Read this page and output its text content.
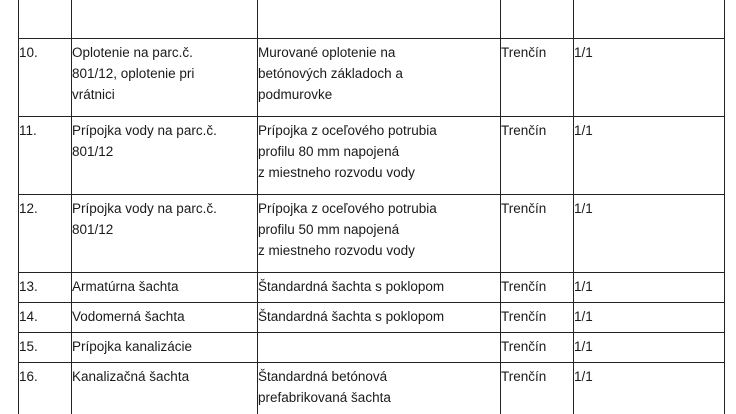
10.	Oplotenie na parc.č.
801/12, oplotenie pri
vrátnici	Murované oplotenie na
betónových základoch a
podmurovke	Trenčín	1/1

11.	Prípojka vody na parc.č.
801/12	Prípojka z oceľového potrubia
profilu 80 mm napojená
z miestneho rozvodu vody	Trenčín	1/1

12.	Prípojka vody na parc.č.
801/12	Prípojka z oceľového potrubia
profilu 50 mm napojená
z miestneho rozvodu vody	Trenčín	1/1

13.	Armatúrna šachta	Štandardná šachta s poklopom	Trenčín	1/1

14.	Vodomerná šachta	Štandardná šachta s poklopom	Trenčín	1/1

15.	Prípojka kanalizácie		Trenčín	1/1

16.	Kanalizačná šachta	Štandardná betónová
prefabrikovaná šachta	Trenčín	1/1
